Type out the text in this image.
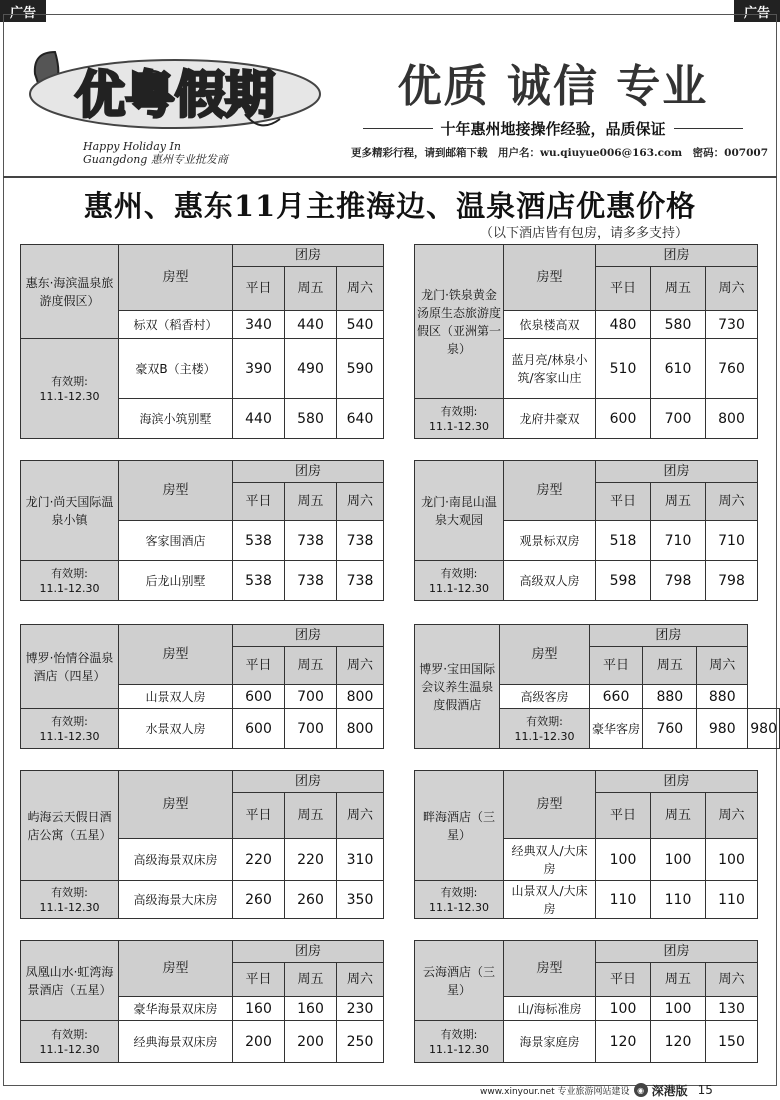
广告	广告
优粤假期
Happy Holiday In
Guangdong 惠州专业批发商
优质 诚信 专业
十年惠州地接操作经验，品质保证
更多精彩行程，请到邮箱下载　用户名：wu.qiuyue006@163.com　密码：007007
惠州、惠东11月主推海边、温泉酒店优惠价格
（以下酒店皆有包房，请多多支持）
惠东·海滨温泉旅游度假区）	房型	团房		
		平日	周五	周六
	标双（稻香村）	340	440	540

有效期:
11.1-12.30	豪双B（主楼）	390	490	590
	海滨小筑别墅	440	580	640
龙门·铁泉黄金汤原生态旅游度假区（亚洲第一泉）	房型	团房		
		平日	周五	周六
	依泉楼高双	480	580	730
	蓝月亮/林泉小筑/客家山庄	510	610	760

有效期:
11.1-12.30	龙府井豪双	600	700	800
龙门·尚天国际温泉小镇	房型	团房		
		平日	周五	周六
	客家围酒店	538	738	738

有效期:
11.1-12.30	后龙山别墅	538	738	738
龙门·南昆山温泉大观园	房型	团房		
		平日	周五	周六
	观景标双房	518	710	710

有效期:
11.1-12.30	高级双人房	598	798	798
博罗·怡情谷温泉酒店（四星）	房型	团房		
		平日	周五	周六
	山景双人房	600	700	800

有效期:
11.1-12.30	水景双人房	600	700	800
博罗·宝田国际会议养生温泉度假酒店	房型	团房			
		平日	周五	周六	
	高级客房	660	880	880	

	有效期:
11.1-12.30	豪华客房	760	980	980
屿海云天假日酒店公寓（五星）	房型	团房		
		平日	周五	周六
	高级海景双床房	220	220	310

有效期:
11.1-12.30	高级海景大床房	260	260	350
畔海酒店（三星）	房型	团房		
		平日	周五	周六
	经典双人/大床房	100	100	100

有效期:
11.1-12.30	山景双人/大床房	110	110	110
凤凰山水·虹湾海景酒店（五星）	房型	团房		
		平日	周五	周六
	豪华海景双床房	160	160	230

有效期:
11.1-12.30	经典海景双床房	200	200	250
云海酒店（三星）	房型	团房		
		平日	周五	周六
	山/海标准房	100	100	130

有效期:
11.1-12.30	海景家庭房	120	120	150
www.xinyour.net 专业旅游网站建设 ◉ 深港版 15
